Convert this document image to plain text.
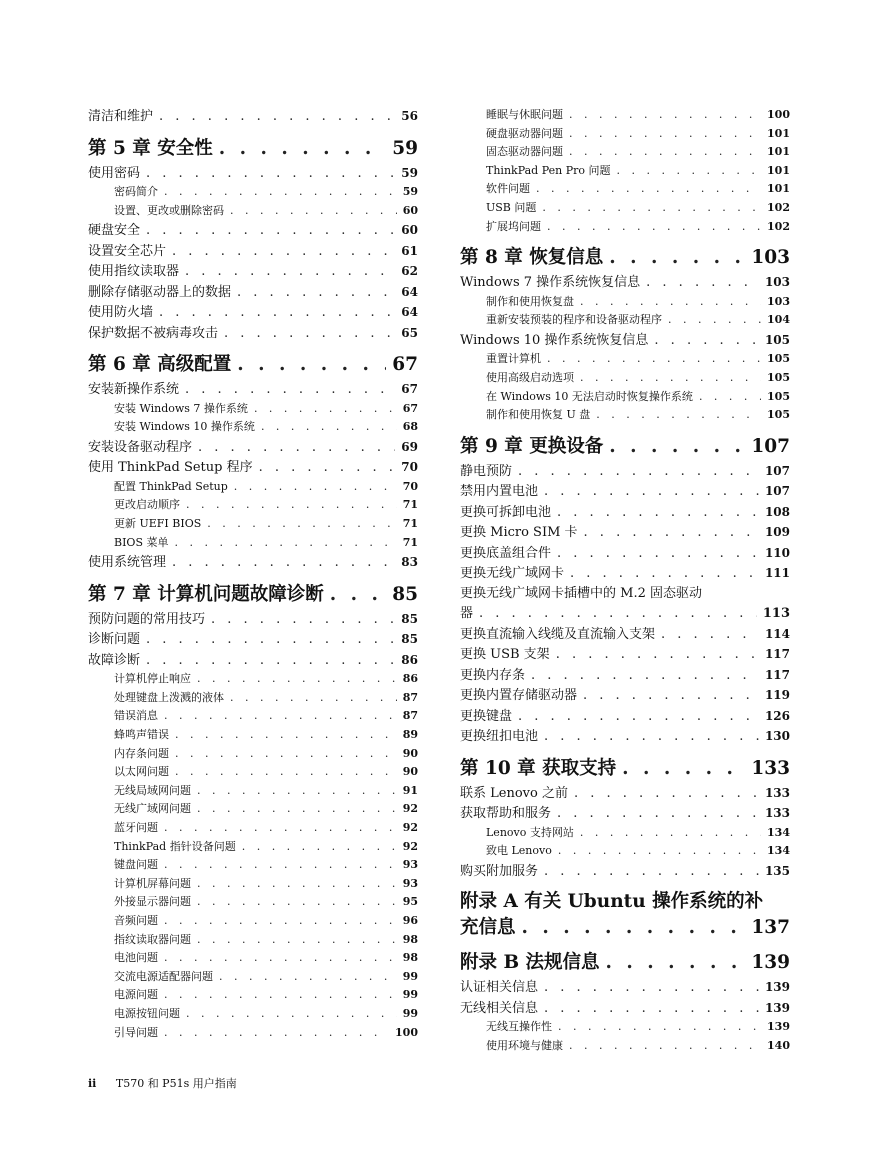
清洁和维护 . . .	56
第 5 章 安全性 . . .	59
使用密码 . . .	59
密码简介 . . .	59
设置、更改或删除密码 . . .	60
硬盘安全 . . .	60
设置安全芯片 . . .	61
使用指纹读取器 . . .	62
删除存储驱动器上的数据 . . .	64
使用防火墙 . . .	64
保护数据不被病毒攻击 . . .	65
第 6 章 高级配置 . . .	67
安装新操作系统 . . .	67
安装 Windows 7 操作系统 . . .	67
安装 Windows 10 操作系统 . . .	68
安装设备驱动程序 . . .	69
使用 ThinkPad Setup 程序 . . .	70
配置 ThinkPad Setup . . .	70
更改启动顺序 . . .	71
更新 UEFI BIOS . . .	71
BIOS 菜单 . . .	71
使用系统管理 . . .	83
第 7 章 计算机问题故障诊断 . . .	85
预防问题的常用技巧 . . .	85
诊断问题 . . .	85
故障诊断 . . .	86
计算机停止响应 . . .	86
处理键盘上泼溅的液体 . . .	87
错误消息 . . .	87
蜂鸣声错误 . . .	89
内存条问题 . . .	90
以太网问题 . . .	90
无线局域网问题 . . .	91
无线广域网问题 . . .	92
蓝牙问题 . . .	92
ThinkPad 指针设备问题 . . .	92
键盘问题 . . .	93
计算机屏幕问题 . . .	93
外接显示器问题 . . .	95
音频问题 . . .	96
指纹读取器问题 . . .	98
电池问题 . . .	98
交流电源适配器问题 . . .	99
电源问题 . . .	99
电源按钮问题 . . .	99
引导问题 . . .	100
睡眠与休眠问题 . . .	100
硬盘驱动器问题 . . .	101
固态驱动器问题 . . .	101
ThinkPad Pen Pro 问题 . . .	101
软件问题 . . .	101
USB 问题 . . .	102
扩展坞问题 . . .	102
第 8 章 恢复信息 . . .	103
Windows 7 操作系统恢复信息 . . .	103
制作和使用恢复盘 . . .	103
重新安装预装的程序和设备驱动程序 . . .	104
Windows 10 操作系统恢复信息 . . .	105
重置计算机 . . .	105
使用高级启动选项 . . .	105
在 Windows 10 无法启动时恢复操作系统 . . .	105
制作和使用恢复 U 盘 . . .	105
第 9 章 更换设备 . . .	107
静电预防 . . .	107
禁用内置电池 . . .	107
更换可拆卸电池 . . .	108
更换 Micro SIM 卡 . . .	109
更换底盖组合件 . . .	110
更换无线广域网卡 . . .	111
更换无线广域网卡插槽中的 M.2 固态驱动
器 . . .	113
更换直流输入线缆及直流输入支架 . . .	114
更换 USB 支架 . . .	117
更换内存条 . . .	117
更换内置存储驱动器 . . .	119
更换键盘 . . .	126
更换纽扣电池 . . .	130
第 10 章 获取支持 . . .	133
联系 Lenovo 之前 . . .	133
获取帮助和服务 . . .	133
Lenovo 支持网站 . . .	134
致电 Lenovo . . .	134
购买附加服务 . . .	135
附录 A 有关 Ubuntu 操作系统的补
充信息 . . .	137
附录 B 法规信息 . . .	139
认证相关信息 . . .	139
无线相关信息 . . .	139
无线互操作性 . . .	139
使用环境与健康 . . .	140
ii T570 和 P51s 用户指南
